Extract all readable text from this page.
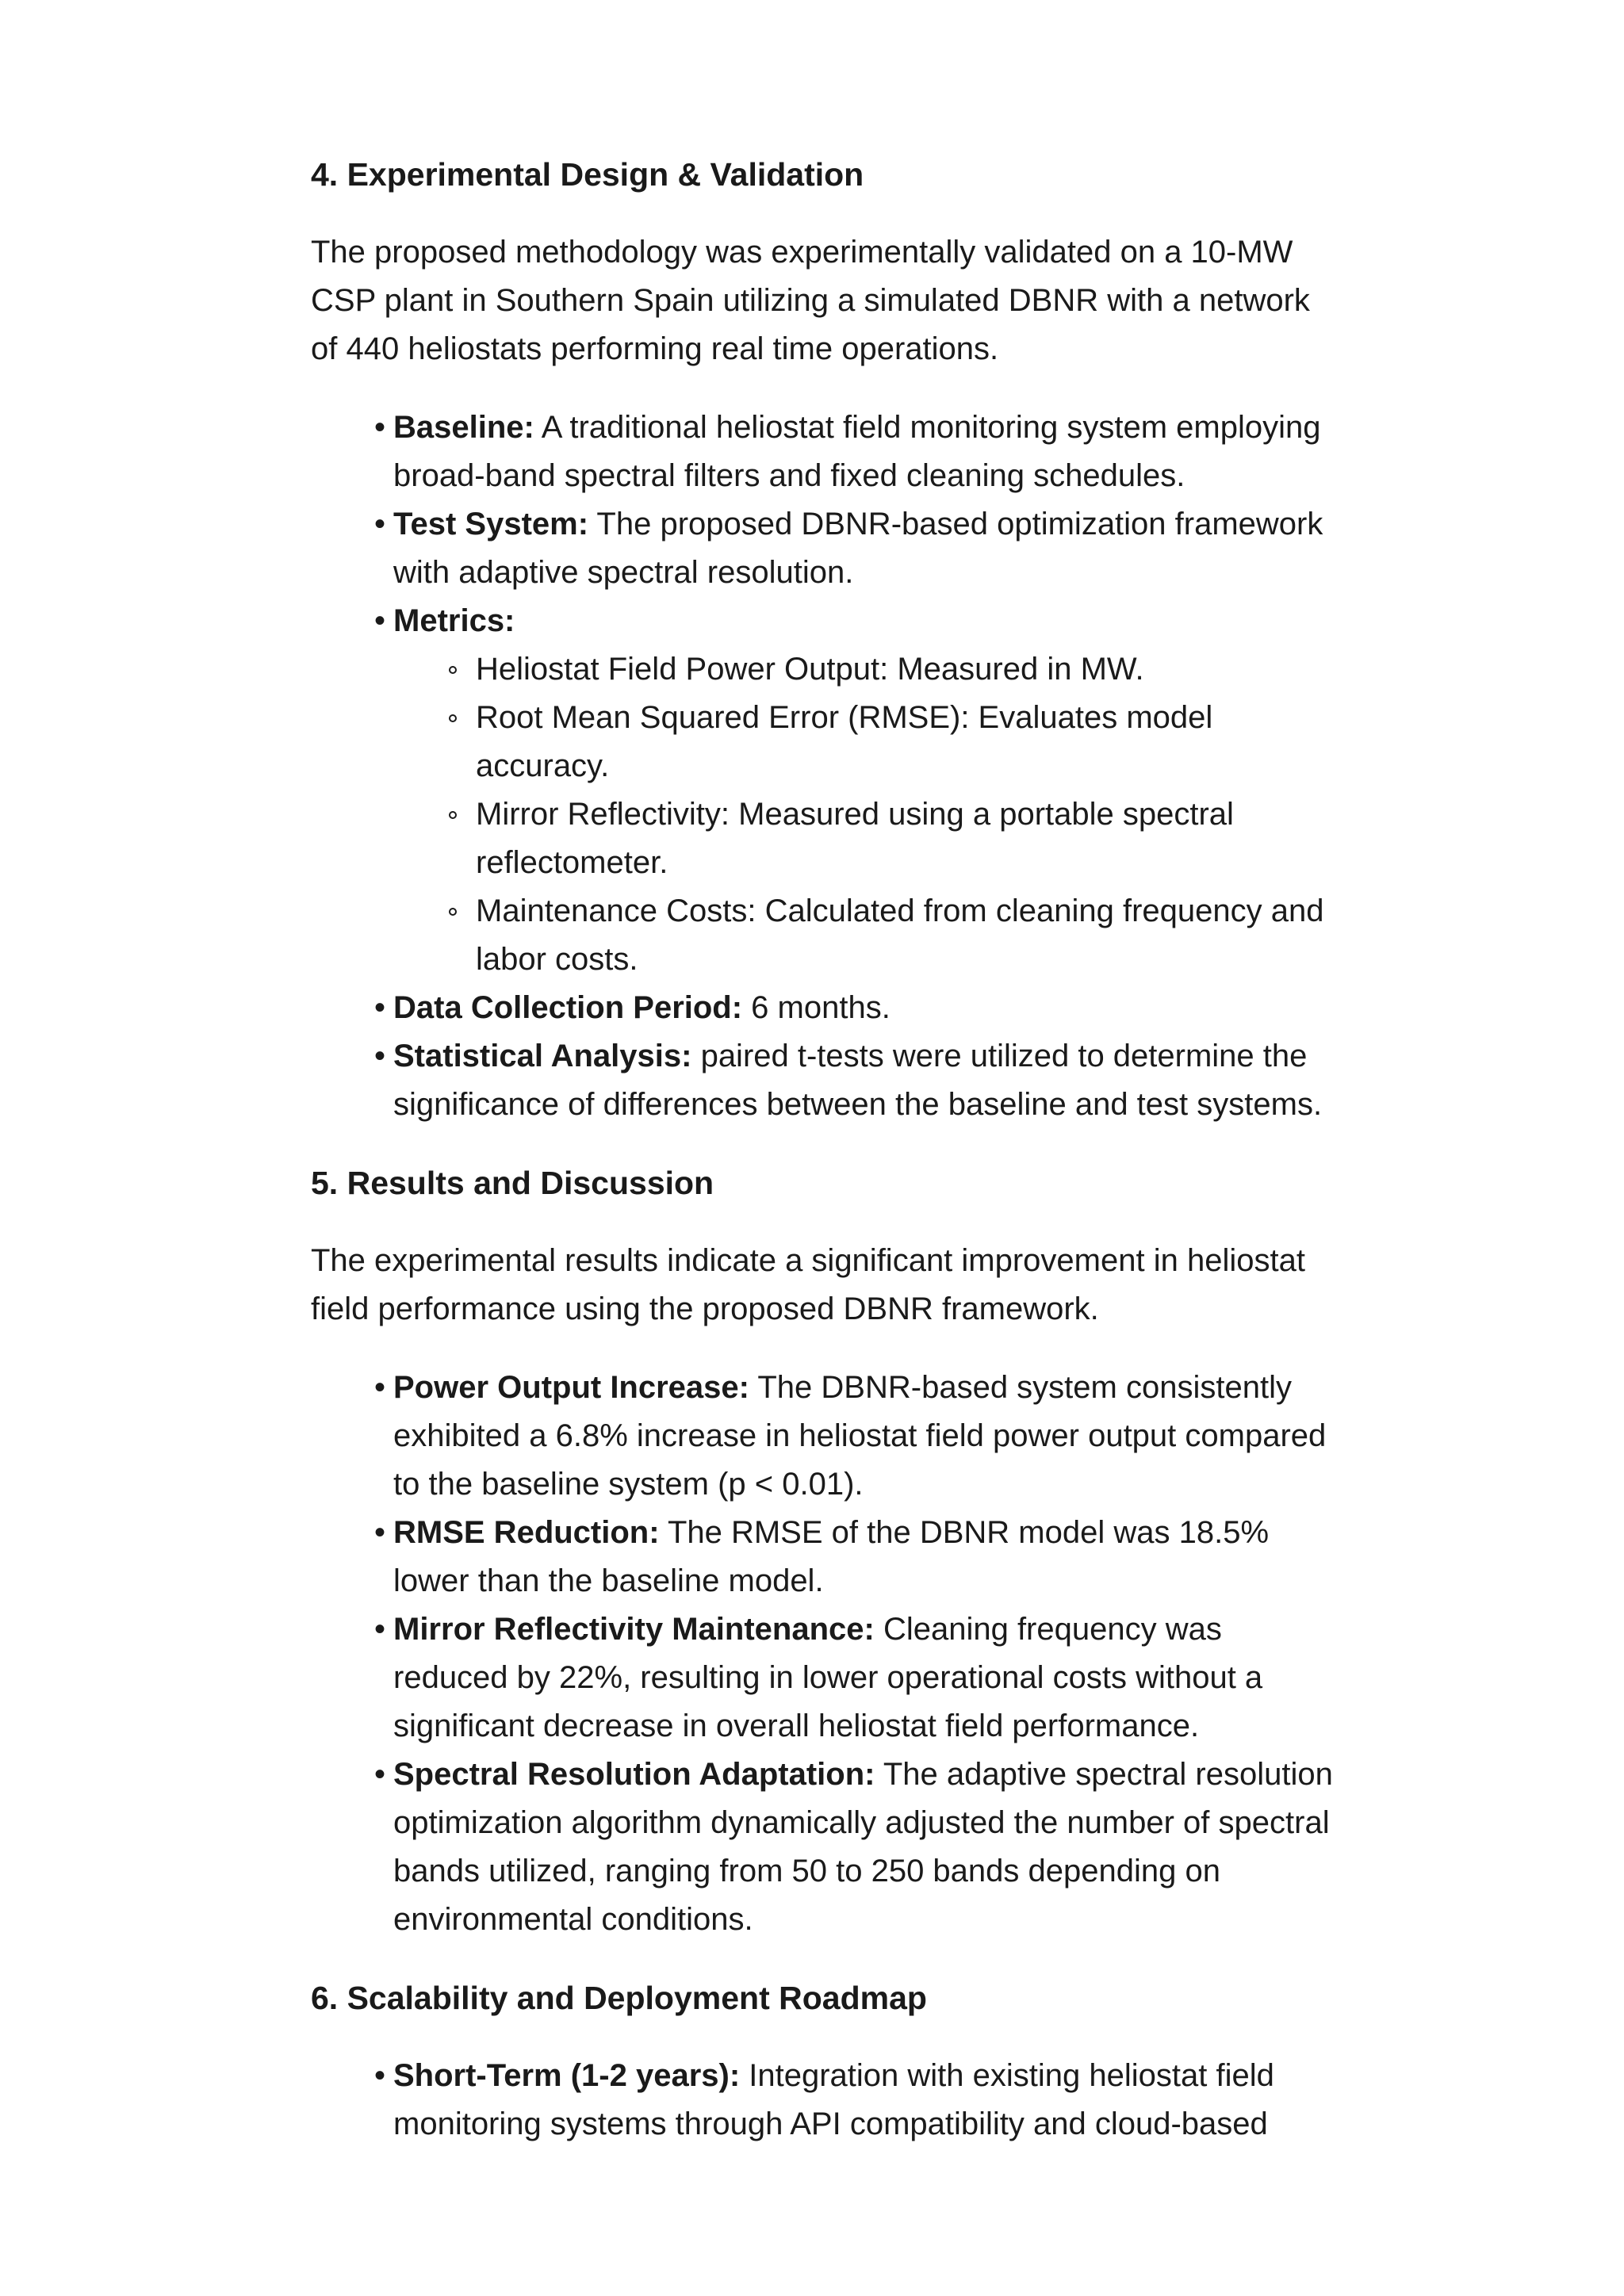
4. Experimental Design & Validation

The proposed methodology was experimentally validated on a 10-MW CSP plant in Southern Spain utilizing a simulated DBNR with a network of 440 heliostats performing real time operations.

• Baseline: A traditional heliostat field monitoring system employing broad-band spectral filters and fixed cleaning schedules.
• Test System: The proposed DBNR-based optimization framework with adaptive spectral resolution.
• Metrics:
Heliostat Field Power Output: Measured in MW.
Root Mean Squared Error (RMSE): Evaluates model accuracy.
Mirror Reflectivity: Measured using a portable spectral reflectometer.
Maintenance Costs: Calculated from cleaning frequency and labor costs.
• Data Collection Period: 6 months.
• Statistical Analysis: paired t-tests were utilized to determine the significance of differences between the baseline and test systems.
5. Results and Discussion

The experimental results indicate a significant improvement in heliostat field performance using the proposed DBNR framework.

• Power Output Increase: The DBNR-based system consistently exhibited a 6.8% increase in heliostat field power output compared to the baseline system (p < 0.01).
• RMSE Reduction: The RMSE of the DBNR model was 18.5% lower than the baseline model.
• Mirror Reflectivity Maintenance: Cleaning frequency was reduced by 22%, resulting in lower operational costs without a significant decrease in overall heliostat field performance.
• Spectral Resolution Adaptation: The adaptive spectral resolution optimization algorithm dynamically adjusted the number of spectral bands utilized, ranging from 50 to 250 bands depending on environmental conditions.
6. Scalability and Deployment Roadmap
• Short-Term (1-2 years): Integration with existing heliostat field monitoring systems through API compatibility and cloud-based
